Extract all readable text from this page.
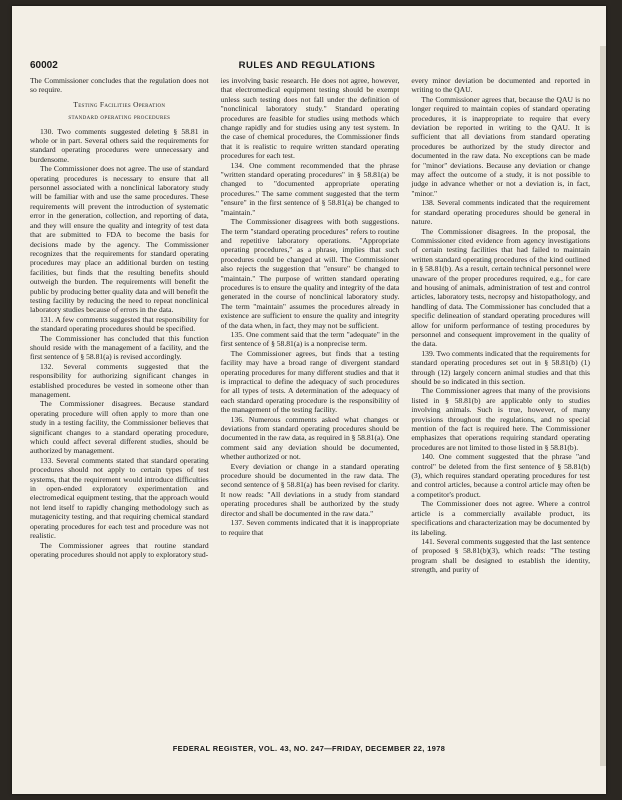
60002	RULES AND REGULATIONS

The Commissioner concludes that the regulation does not so require.

Testing Facilities Operation
standard operating procedures

130. Two comments suggested deleting § 58.81 in whole or in part. Several others said the requirements for standard operating procedures were unnecessary and burdensome.

The Commissioner does not agree. The use of standard operating procedures is necessary to ensure that all personnel associated with a nonclinical laboratory study will be familiar with and use the same procedures. These requirements will prevent the introduction of systematic error in the generation, collection, and reporting of data, and they will ensure the quality and integrity of test data that are submitted to FDA to become the basis for decisions made by the agency. The Commissioner recognizes that the requirements for standard operating procedures may place an additional burden on testing facilities, but finds that the resulting benefits should outweigh the burden. The requirements will benefit the public by producing better quality data and will benefit the testing facility by reducing the need to repeat nonclinical laboratory studies because of errors in the data.

131. A few comments suggested that responsibility for the standard operating procedures should be specified.

The Commissioner has concluded that this function should reside with the management of a facility, and the first sentence of § 58.81(a) is revised accordingly.

132. Several comments suggested that the responsibility for authorizing significant changes in established procedures be vested in someone other than management.

The Commissioner disagrees. Because standard operating procedure will often apply to more than one study in a testing facility, the Commissioner believes that significant changes to a standard operating procedure, which could affect several different studies, should be authorized by management.

133. Several comments stated that standard operating procedures should not apply to certain types of test systems, that the requirement would introduce difficulties in open-ended exploratory experimentation and electromedical equipment testing, that the approach would not lend itself to rapidly changing methodology such as mutagenicity testing, and that requiring chemical standard operating procedures for each test and procedure was not realistic.

The Commissioner agrees that routine standard operating procedures should not apply to exploratory stud-

ies involving basic research. He does not agree, however, that electromedical equipment testing should be exempt unless such testing does not fall under the definition of "nonclinical laboratory study." Standard operating procedures are feasible for studies using methods which change rapidly and for studies using any test system. In the case of chemical procedures, the Commissioner finds that it is realistic to require written standard operating procedures for each test.

134. One comment recommended that the phrase "written standard operating procedures" in § 58.81(a) be changed to "documented appropriate operating procedures." The same comment suggested that the term "ensure" in the first sentence of § 58.81(a) be changed to "maintain."

The Commissioner disagrees with both suggestions. The term "standard operating procedures" refers to routine and repetitive laboratory operations. "Appropriate operating procedures," as a phrase, implies that such procedures could be changed at will. The Commissioner also rejects the suggestion that "ensure" be changed to "maintain." The purpose of written standard operating procedures is to ensure the quality and integrity of the data generated in the course of nonclinical laboratory study. The term "maintain" assumes the procedures already in existence are sufficient to ensure the quality and integrity of the data when, in fact, they may not be sufficient.

135. One comment said that the term "adequate" in the first sentence of § 58.81(a) is a nonprecise term.

The Commissioner agrees, but finds that a testing facility may have a broad range of divergent standard operating procedures for many different studies and that it is impractical to define the adequacy of such procedures for all types of tests. A determination of the adequacy of each standard operating procedure is the responsibility of the management of the testing facility.

136. Numerous comments asked what changes or deviations from standard operating procedures should be documented in the raw data, as required in § 58.81(a). One comment said any deviation should be documented, whether authorized or not.

Every deviation or change in a standard operating procedure should be documented in the raw data. The second sentence of § 58.81(a) has been revised for clarity. It now reads: "All deviations in a study from standard operating procedures shall be authorized by the study director and shall be documented in the raw data."

137. Seven comments indicated that it is inappropriate to require that

every minor deviation be documented and reported in writing to the QAU.

The Commissioner agrees that, because the QAU is no longer required to maintain copies of standard operating procedures, it is inappropriate to require that every deviation be reported in writing to the QAU. It is sufficient that all deviations from standard operating procedures be authorized by the study director and documented in the raw data. No exceptions can be made for "minor" deviations. Because any deviation or change may affect the outcome of a study, it is not possible to judge in advance whether or not a deviation is, in fact, "minor."

138. Several comments indicated that the requirement for standard operating procedures should be general in nature.

The Commissioner disagrees. In the proposal, the Commissioner cited evidence from agency investigations of certain testing facilities that had failed to maintain written standard operating procedures of the kind outlined in § 58.81(b). As a result, certain technical personnel were unaware of the proper procedures required, e.g., for care and housing of animals, administration of test and control articles, laboratory tests, necropsy and histopathology, and handling of data. The Commissioner has concluded that a specific delineation of standard operating procedures will allow for uniform performance of testing procedures by personnel and consequent improvement in the quality of the data.

139. Two comments indicated that the requirements for standard operating procedures set out in § 58.81(b) (1) through (12) largely concern animal studies and that this should be so indicated in this section.

The Commissioner agrees that many of the provisions listed in § 58.81(b) are applicable only to studies involving animals. Such is true, however, of many provisions throughout the regulations, and no special mention of the fact is required here. The Commissioner emphasizes that operations requiring standard operating procedures are not limited to those listed in § 58.81(b).

140. One comment suggested that the phrase "and control" be deleted from the first sentence of § 58.81(b)(3), which requires standard operating procedures for test and control articles, because a control article may often be a competitor's product.

The Commissioner does not agree. Where a control article is a commercially available product, its specifications and characterization may be documented by its labeling.

141. Several comments suggested that the last sentence of proposed § 58.81(b)(3), which reads: "The testing program shall be designed to establish the identity, strength, and purity of

FEDERAL REGISTER, VOL. 43, NO. 247—FRIDAY, DECEMBER 22, 1978
